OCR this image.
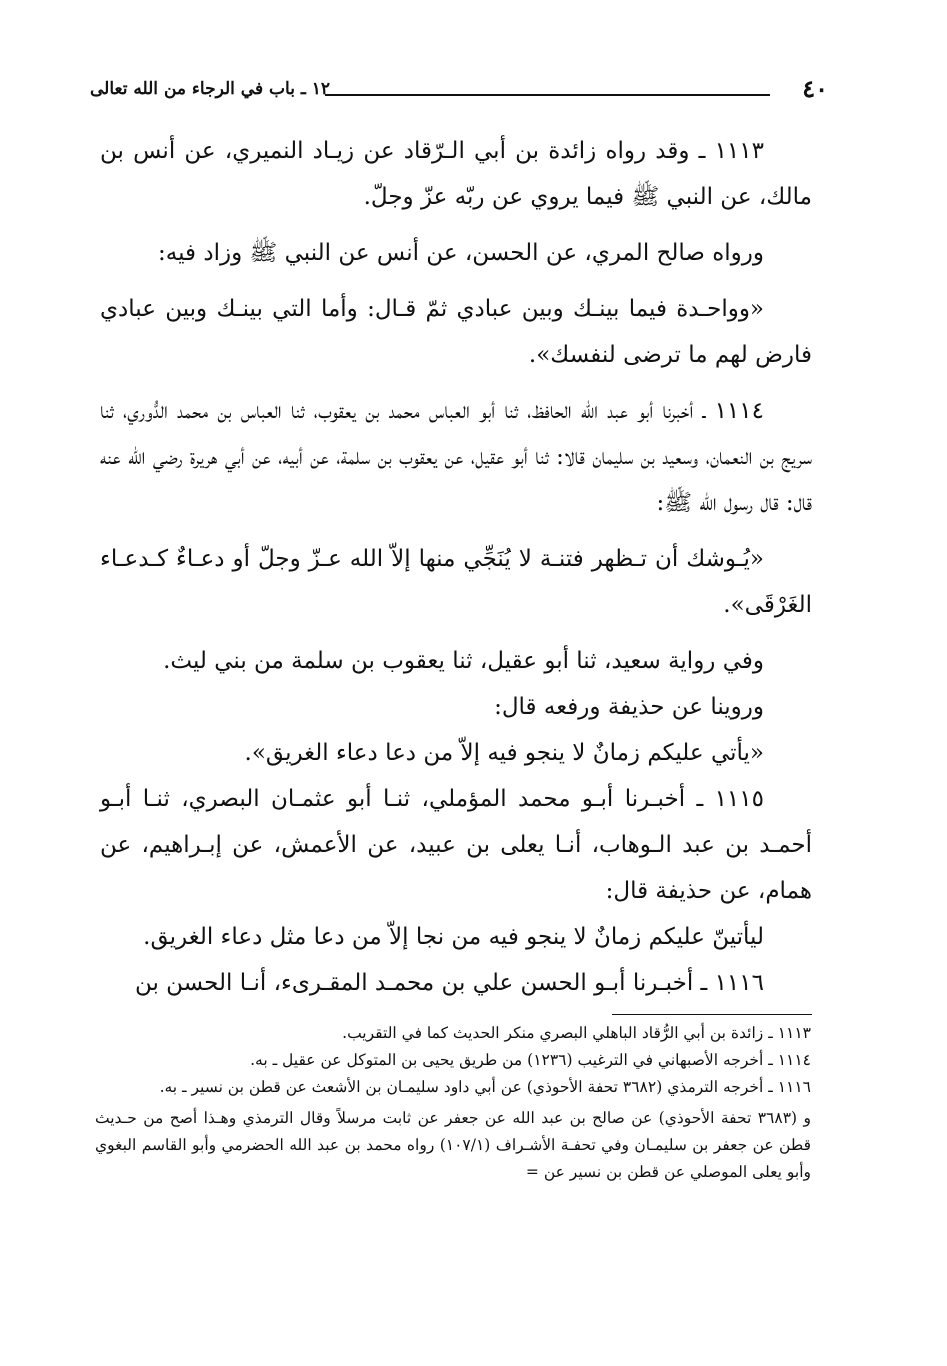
٤٠
١٢ ـ باب في الرجاء من الله تعالى

١١١٣ ـ وقد رواه زائدة بن أبي الـرّقاد عن زيـاد النميري، عن أنس بن مالك، عن النبي ﷺ فيما يروي عن ربّه عزّ وجلّ.

ورواه صالح المري، عن الحسن، عن أنس عن النبي ﷺ وزاد فيه:

«وواحـدة فيما بينـك وبين عبادي ثمّ قـال: وأما التي بينـك وبين عبادي فارض لهم ما ترضى لنفسك».

١١١٤ ـ أخبرنا أبو عبد الله الحافظ، ثنا أبو العباس محمد بن يعقوب، ثنا العباس بن محمد الدُّوري، ثنا سريج بن النعمان، وسعيد بن سليمان قالا: ثنا أبو عقيل، عن يعقوب بن سلمة، عن أبيه، عن أبي هريرة رضي الله عنه قال: قال رسول الله ﷺ:

«يُـوشك أن تـظهر فتنـة لا يُنَجِّي منها إلاّ الله عـزّ وجلّ أو دعـاءٌ كـدعـاء الغَرْقَى».

وفي رواية سعيد، ثنا أبو عقيل، ثنا يعقوب بن سلمة من بني ليث.

وروينا عن حذيفة ورفعه قال:

«يأتي عليكم زمانٌ لا ينجو فيه إلاّ من دعا دعاء الغريق».

١١١٥ ـ أخبـرنا أبـو محمد المؤملي، ثنـا أبو عثمـان البصري، ثنـا أبـو أحمـد بن عبد الـوهاب، أنـا يعلى بن عبيد، عن الأعمش، عن إبـراهيم، عن همام، عن حذيفة قال:

ليأتينّ عليكم زمانٌ لا ينجو فيه من نجا إلاّ من دعا مثل دعاء الغريق.

١١١٦ ـ أخبـرنا أبـو الحسن علي بن محمـد المقـرىء، أنـا الحسن بن

١١١٣ ـ زائدة بن أبي الرُّقاد الباهلي البصري منكر الحديث كما في التقريب.

١١١٤ ـ أخرجه الأصبهاني في الترغيب (١٢٣٦) من طريق يحيى بن المتوكل عن عقيل ـ به.

١١١٦ ـ أخرجه الترمذي (٣٦٨٢ تحفة الأحوذي) عن أبي داود سليمـان بن الأشعث عن قطن بن نسير ـ به.

و (٣٦٨٣ تحفة الأحوذي) عن صالح بن عبد الله عن جعفر عن ثابت مرسلاً وقال الترمذي وهـذا أصح من حـديث قطن عن جعفر بن سليمـان وفي تحفـة الأشـراف (١٠٧/١) رواه محمد بن عبد الله الحضرمي وأبو القاسم البغوي وأبو يعلى الموصلي عن قطن بن نسير عن =
